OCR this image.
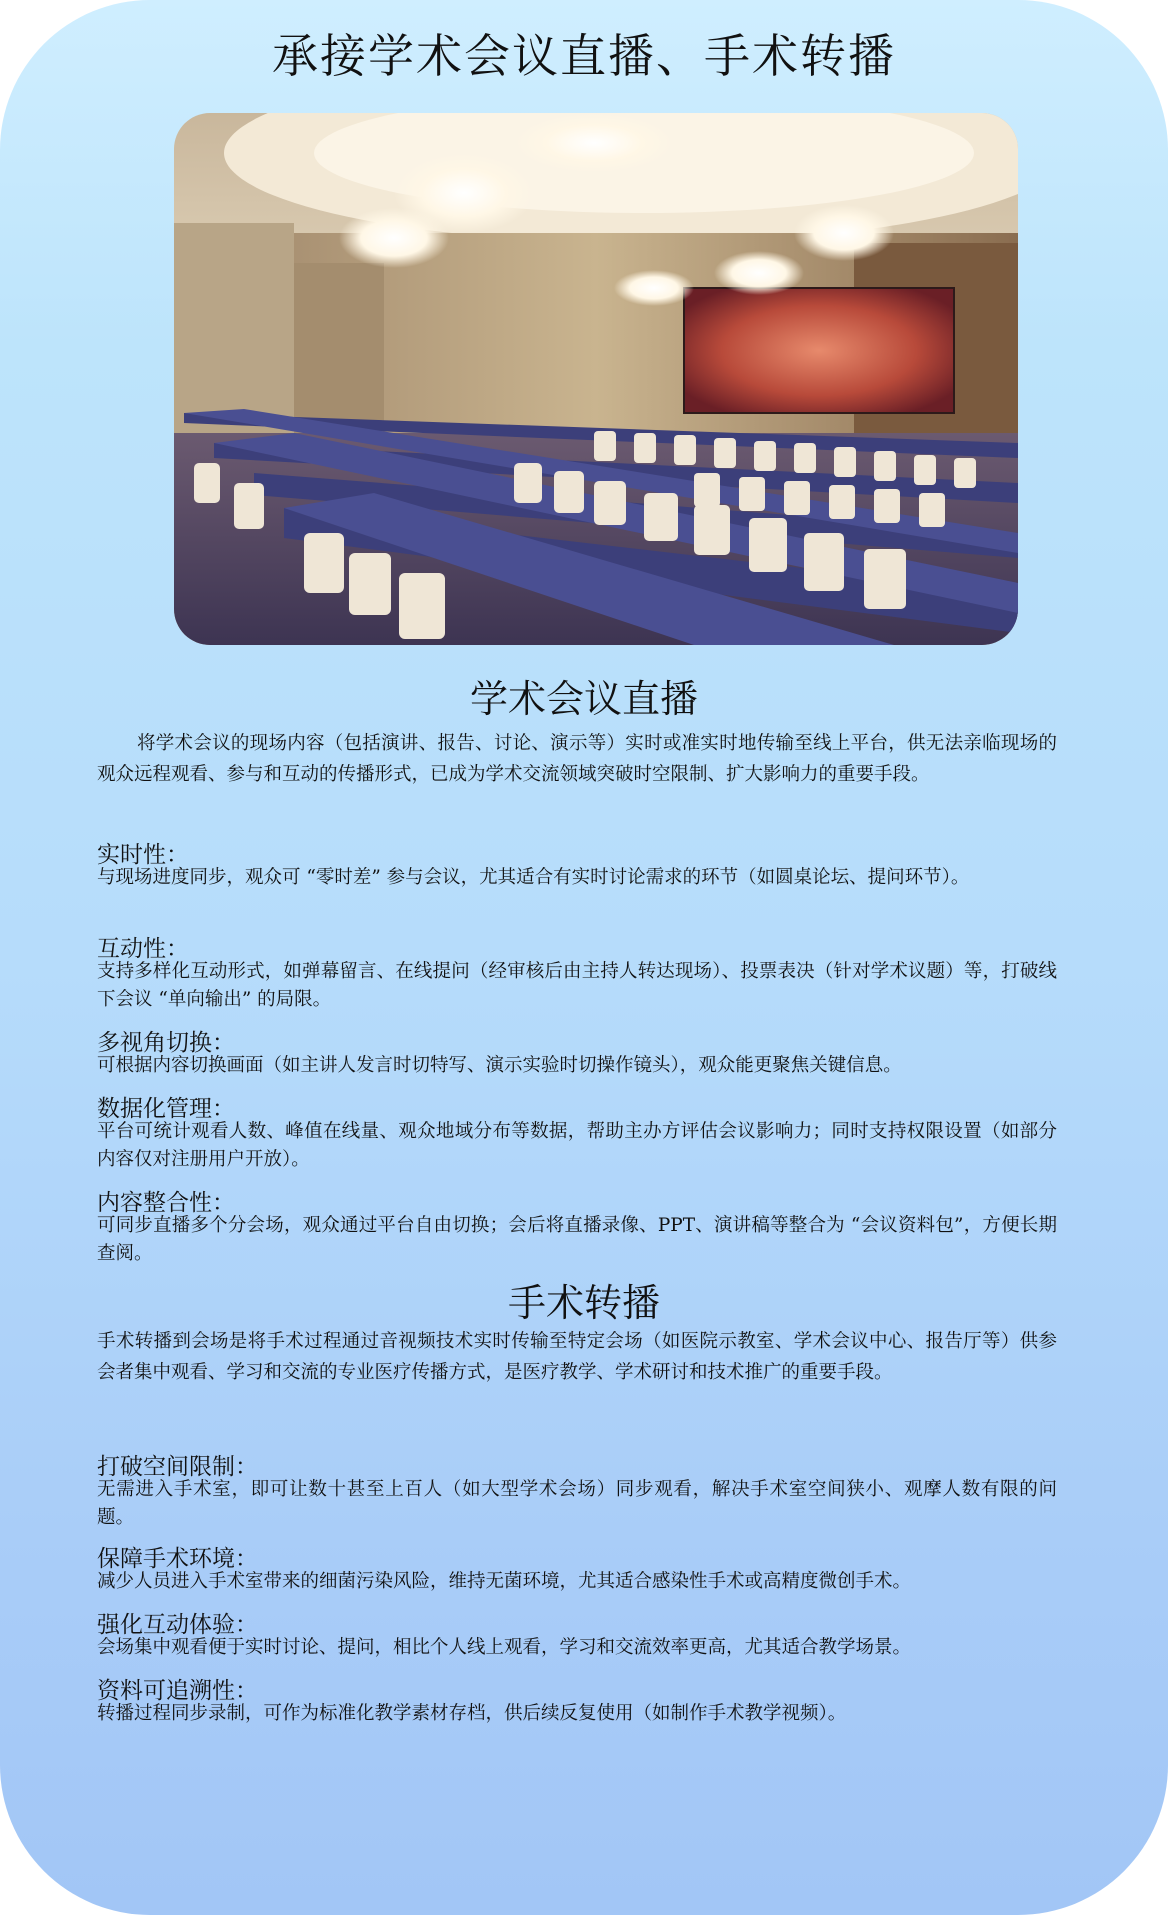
承接学术会议直播、手术转播
学术会议直播

将学术会议的现场内容（包括演讲、报告、讨论、演示等）实时或准实时地传输至线上平台，供无法亲临现场的观众远程观看、参与和互动的传播形式，已成为学术交流领域突破时空限制、扩大影响力的重要手段。

实时性：

与现场进度同步，观众可 “零时差” 参与会议，尤其适合有实时讨论需求的环节（如圆桌论坛、提问环节）。

互动性：

支持多样化互动形式，如弹幕留言、在线提问（经审核后由主持人转达现场）、投票表决（针对学术议题）等，打破线下会议 “单向输出” 的局限。

多视角切换：

可根据内容切换画面（如主讲人发言时切特写、演示实验时切操作镜头），观众能更聚焦关键信息。

数据化管理：

平台可统计观看人数、峰值在线量、观众地域分布等数据，帮助主办方评估会议影响力；同时支持权限设置（如部分内容仅对注册用户开放）。

内容整合性：

可同步直播多个分会场，观众通过平台自由切换；会后将直播录像、PPT、演讲稿等整合为 “会议资料包”，方便长期查阅。

手术转播

手术转播到会场是将手术过程通过音视频技术实时传输至特定会场（如医院示教室、学术会议中心、报告厅等）供参会者集中观看、学习和交流的专业医疗传播方式，是医疗教学、学术研讨和技术推广的重要手段。

打破空间限制：

无需进入手术室，即可让数十甚至上百人（如大型学术会场）同步观看，解决手术室空间狭小、观摩人数有限的问题。

保障手术环境：

减少人员进入手术室带来的细菌污染风险，维持无菌环境，尤其适合感染性手术或高精度微创手术。

强化互动体验：

会场集中观看便于实时讨论、提问，相比个人线上观看，学习和交流效率更高，尤其适合教学场景。

资料可追溯性：

转播过程同步录制，可作为标准化教学素材存档，供后续反复使用（如制作手术教学视频）。
